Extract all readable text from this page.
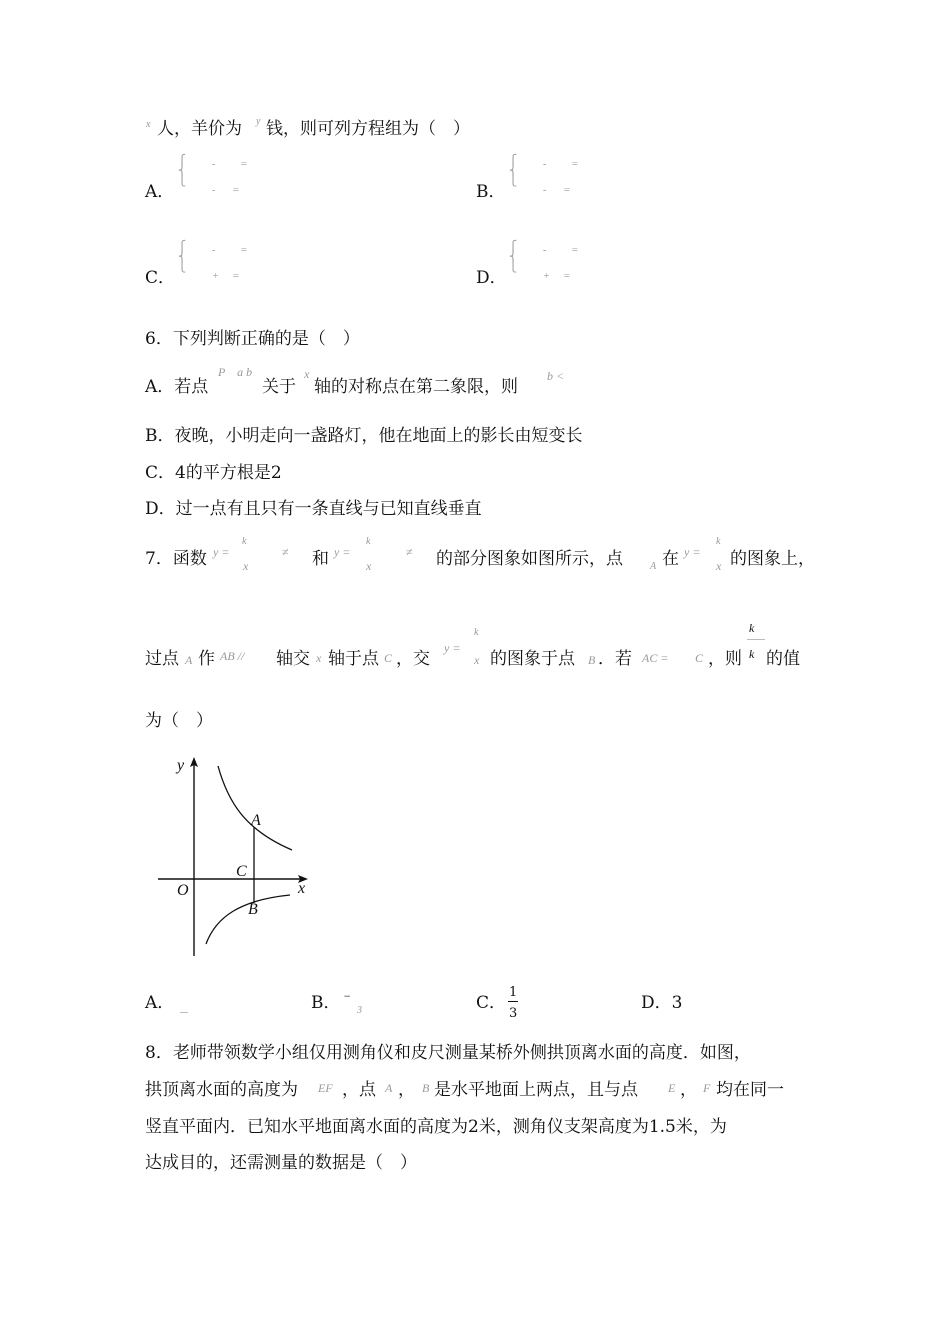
x 人，羊价为 y 钱，则可列方程组为（　）
A．
⎧
⎨
⎩
- =
- =	B．
⎧
⎨
⎩
- =
- =
C．
⎧
⎨
⎩
- =
+ =	D．
⎧
⎨
⎩
- =
+ =
6．下列判断正确的是（　）
A．若点
P　a b
关于
x
轴的对称点在第二象限，则
b <
B．夜晚，小明走向一盏路灯，他在地面上的影长由短变长
C．4的平方根是2
D．过一点有且只有一条直线与已知直线垂直
7．函数 y =
k
x
≠ 和 y =
k
x
≠ 的部分图象如图所示，点	A 在 y =
k
x 的图象上，
过点 A 作 AB // 轴交 x 轴于点 C ，交
y =
k
x 的图象于点 B ．若 AC = C ，则
k
k 的值
为（　）
y
x
O
A
C
B
A．	B． −
3	C．
1
3
D．3
8．老师带领数学小组仅用测角仪和皮尺测量某桥外侧拱顶离水面的高度．如图，
拱顶离水面的高度为 EF ，点 A ， B 是水平地面上两点，且与点	E ， F 均在同一
竖直平面内．已知水平地面离水面的高度为2米，测角仪支架高度为1.5米，为
达成目的，还需测量的数据是（　）
